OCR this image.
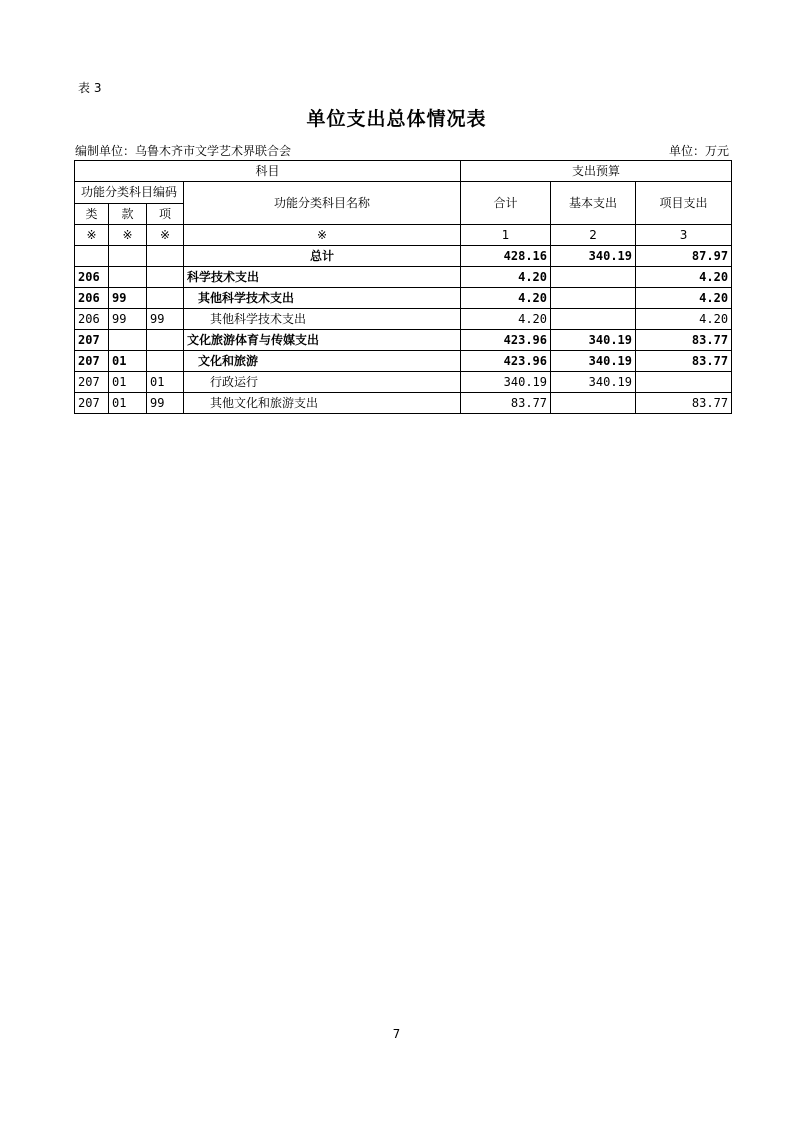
表 3
单位支出总体情况表
编制单位：乌鲁木齐市文学艺术界联合会	单位：万元
科目				支出预算		
功能分类科目编码			功能分类科目名称	合计	基本支出	项目支出
类	款	项				
※	※	※	※	1	2	3
			总计	428.16	340.19	87.97
206			科学技术支出	4.20		4.20
206	99		其他科学技术支出	4.20		4.20
206	99	99	其他科学技术支出	4.20		4.20
207			文化旅游体育与传媒支出	423.96	340.19	83.77
207	01		文化和旅游	423.96	340.19	83.77
207	01	01	行政运行	340.19	340.19	
207	01	99	其他文化和旅游支出	83.77		83.77
7
